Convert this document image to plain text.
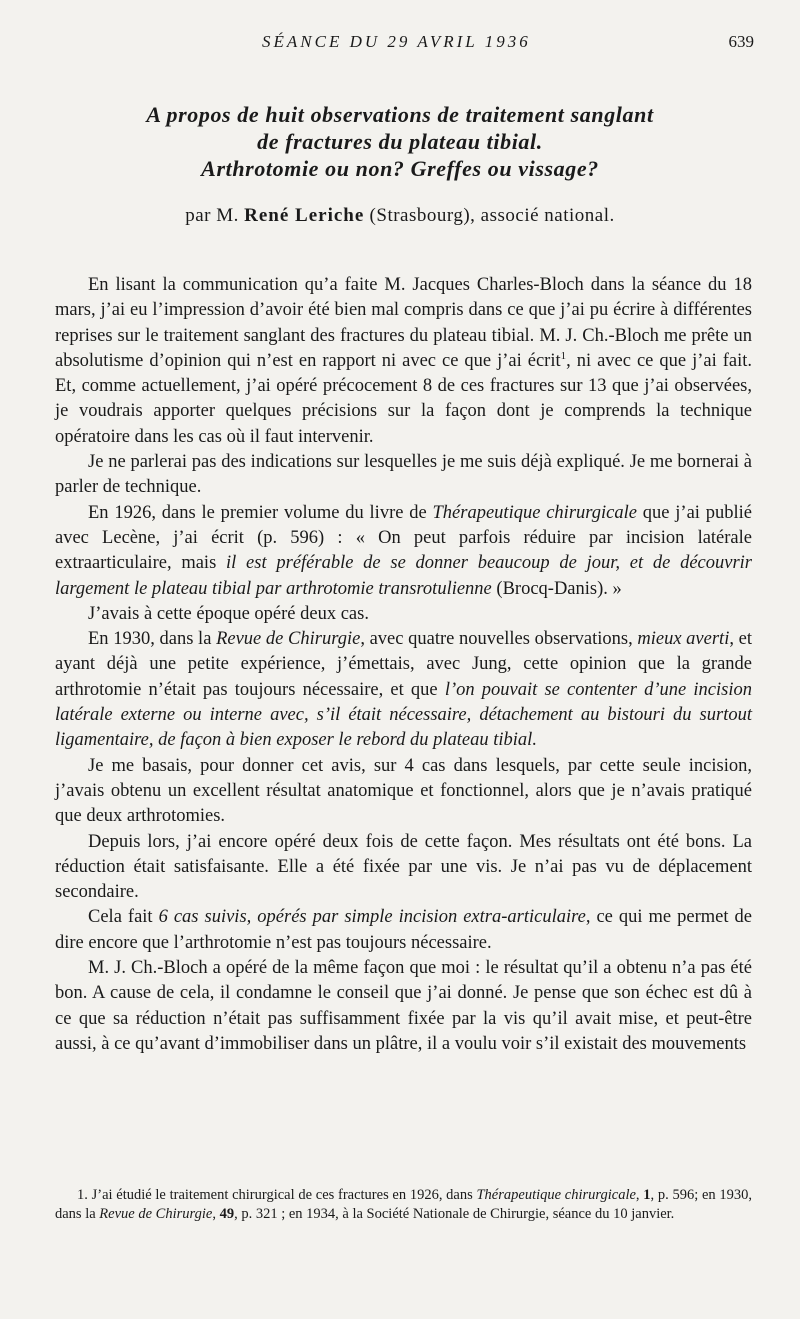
SÉANCE DU 29 AVRIL 1936	639
A propos de huit observations de traitement sanglant
de fractures du plateau tibial.
Arthrotomie ou non? Greffes ou vissage?
par M. René Leriche (Strasbourg), associé national.

En lisant la communication qu’a faite M. Jacques Charles-Bloch dans la séance du 18 mars, j’ai eu l’impression d’avoir été bien mal compris dans ce que j’ai pu écrire à différentes reprises sur le traitement sanglant des fractures du plateau tibial. M. J. Ch.-Bloch me prête un absolutisme d’opinion qui n’est en rapport ni avec ce que j’ai écrit$^1$, ni avec ce que j’ai fait. Et, comme actuellement, j’ai opéré précocement 8 de ces fractures sur 13 que j’ai observées, je voudrais apporter quelques précisions sur la façon dont je comprends la technique opératoire dans les cas où il faut intervenir.

Je ne parlerai pas des indications sur lesquelles je me suis déjà expliqué. Je me bornerai à parler de technique.

En 1926, dans le premier volume du livre de Thérapeutique chirurgicale que j’ai publié avec Lecène, j’ai écrit (p. 596) : « On peut parfois réduire par incision latérale extraarticulaire, mais il est préférable de se donner beaucoup de jour, et de découvrir largement le plateau tibial par arthrotomie transrotulienne (Brocq-Danis). »

J’avais à cette époque opéré deux cas.

En 1930, dans la Revue de Chirurgie, avec quatre nouvelles observations, mieux averti, et ayant déjà une petite expérience, j’émettais, avec Jung, cette opinion que la grande arthrotomie n’était pas toujours nécessaire, et que l’on pouvait se contenter d’une incision latérale externe ou interne avec, s’il était nécessaire, détachement au bistouri du surtout ligamentaire, de façon à bien exposer le rebord du plateau tibial.

Je me basais, pour donner cet avis, sur 4 cas dans lesquels, par cette seule incision, j’avais obtenu un excellent résultat anatomique et fonctionnel, alors que je n’avais pratiqué que deux arthrotomies.

Depuis lors, j’ai encore opéré deux fois de cette façon. Mes résultats ont été bons. La réduction était satisfaisante. Elle a été fixée par une vis. Je n’ai pas vu de déplacement secondaire.

Cela fait 6 cas suivis, opérés par simple incision extra-articulaire, ce qui me permet de dire encore que l’arthrotomie n’est pas toujours nécessaire.

M. J. Ch.-Bloch a opéré de la même façon que moi : le résultat qu’il a obtenu n’a pas été bon. A cause de cela, il condamne le conseil que j’ai donné. Je pense que son échec est dû à ce que sa réduction n’était pas suffisamment fixée par la vis qu’il avait mise, et peut-être aussi, à ce qu’avant d’immobiliser dans un plâtre, il a voulu voir s’il existait des mouvements

1. J’ai étudié le traitement chirurgical de ces fractures en 1926, dans Thérapeutique chirurgicale, 1, p. 596; en 1930, dans la Revue de Chirurgie, 49, p. 321 ; en 1934, à la Société Nationale de Chirurgie, séance du 10 janvier.
